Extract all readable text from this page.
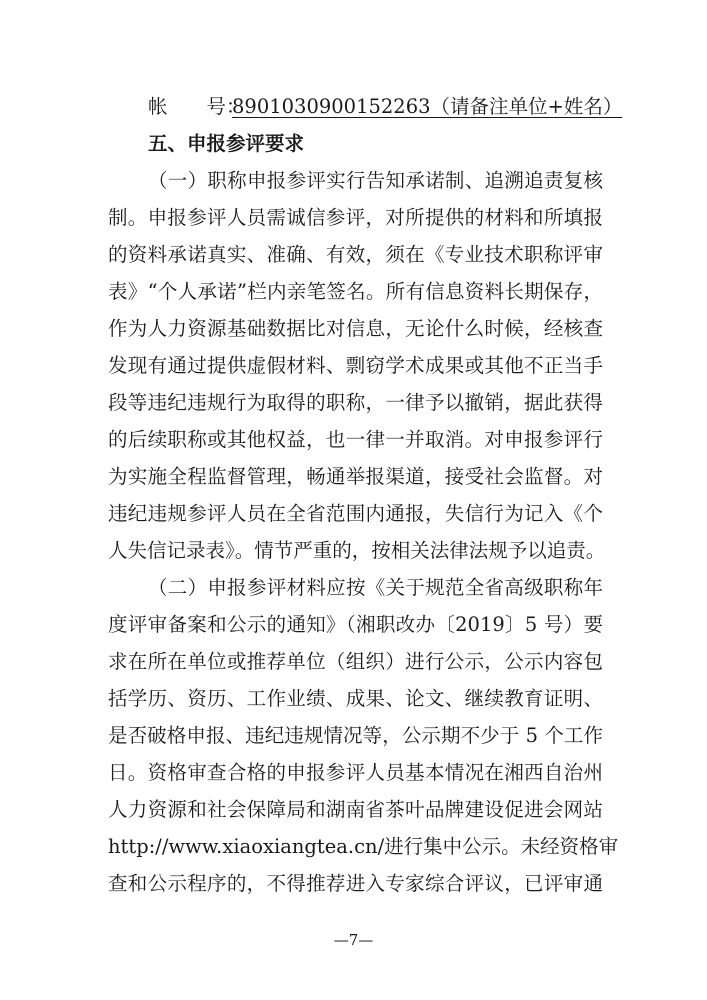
帐　　号：8901030900152263（请备注单位+姓名）
五、申报参评要求
（一）职称申报参评实行告知承诺制、追溯追责复核
制。申报参评人员需诚信参评，对所提供的材料和所填报
的资料承诺真实、准确、有效，须在《专业技术职称评审
表》“个人承诺”栏内亲笔签名。所有信息资料长期保存，
作为人力资源基础数据比对信息，无论什么时候，经核查
发现有通过提供虚假材料、剽窃学术成果或其他不正当手
段等违纪违规行为取得的职称，一律予以撤销，据此获得
的后续职称或其他权益，也一律一并取消。对申报参评行
为实施全程监督管理，畅通举报渠道，接受社会监督。对
违纪违规参评人员在全省范围内通报，失信行为记入《个
人失信记录表》。情节严重的，按相关法律法规予以追责。
（二）申报参评材料应按《关于规范全省高级职称年
度评审备案和公示的通知》（湘职改办〔2019〕5 号）要
求在所在单位或推荐单位（组织）进行公示，公示内容包
括学历、资历、工作业绩、成果、论文、继续教育证明、
是否破格申报、违纪违规情况等，公示期不少于 5 个工作
日。资格审查合格的申报参评人员基本情况在湘西自治州
人力资源和社会保障局和湖南省茶叶品牌建设促进会网站
http://www.xiaoxiangtea.cn/进行集中公示。未经资格审
查和公示程序的，不得推荐进入专家综合评议，已评审通
—7—
